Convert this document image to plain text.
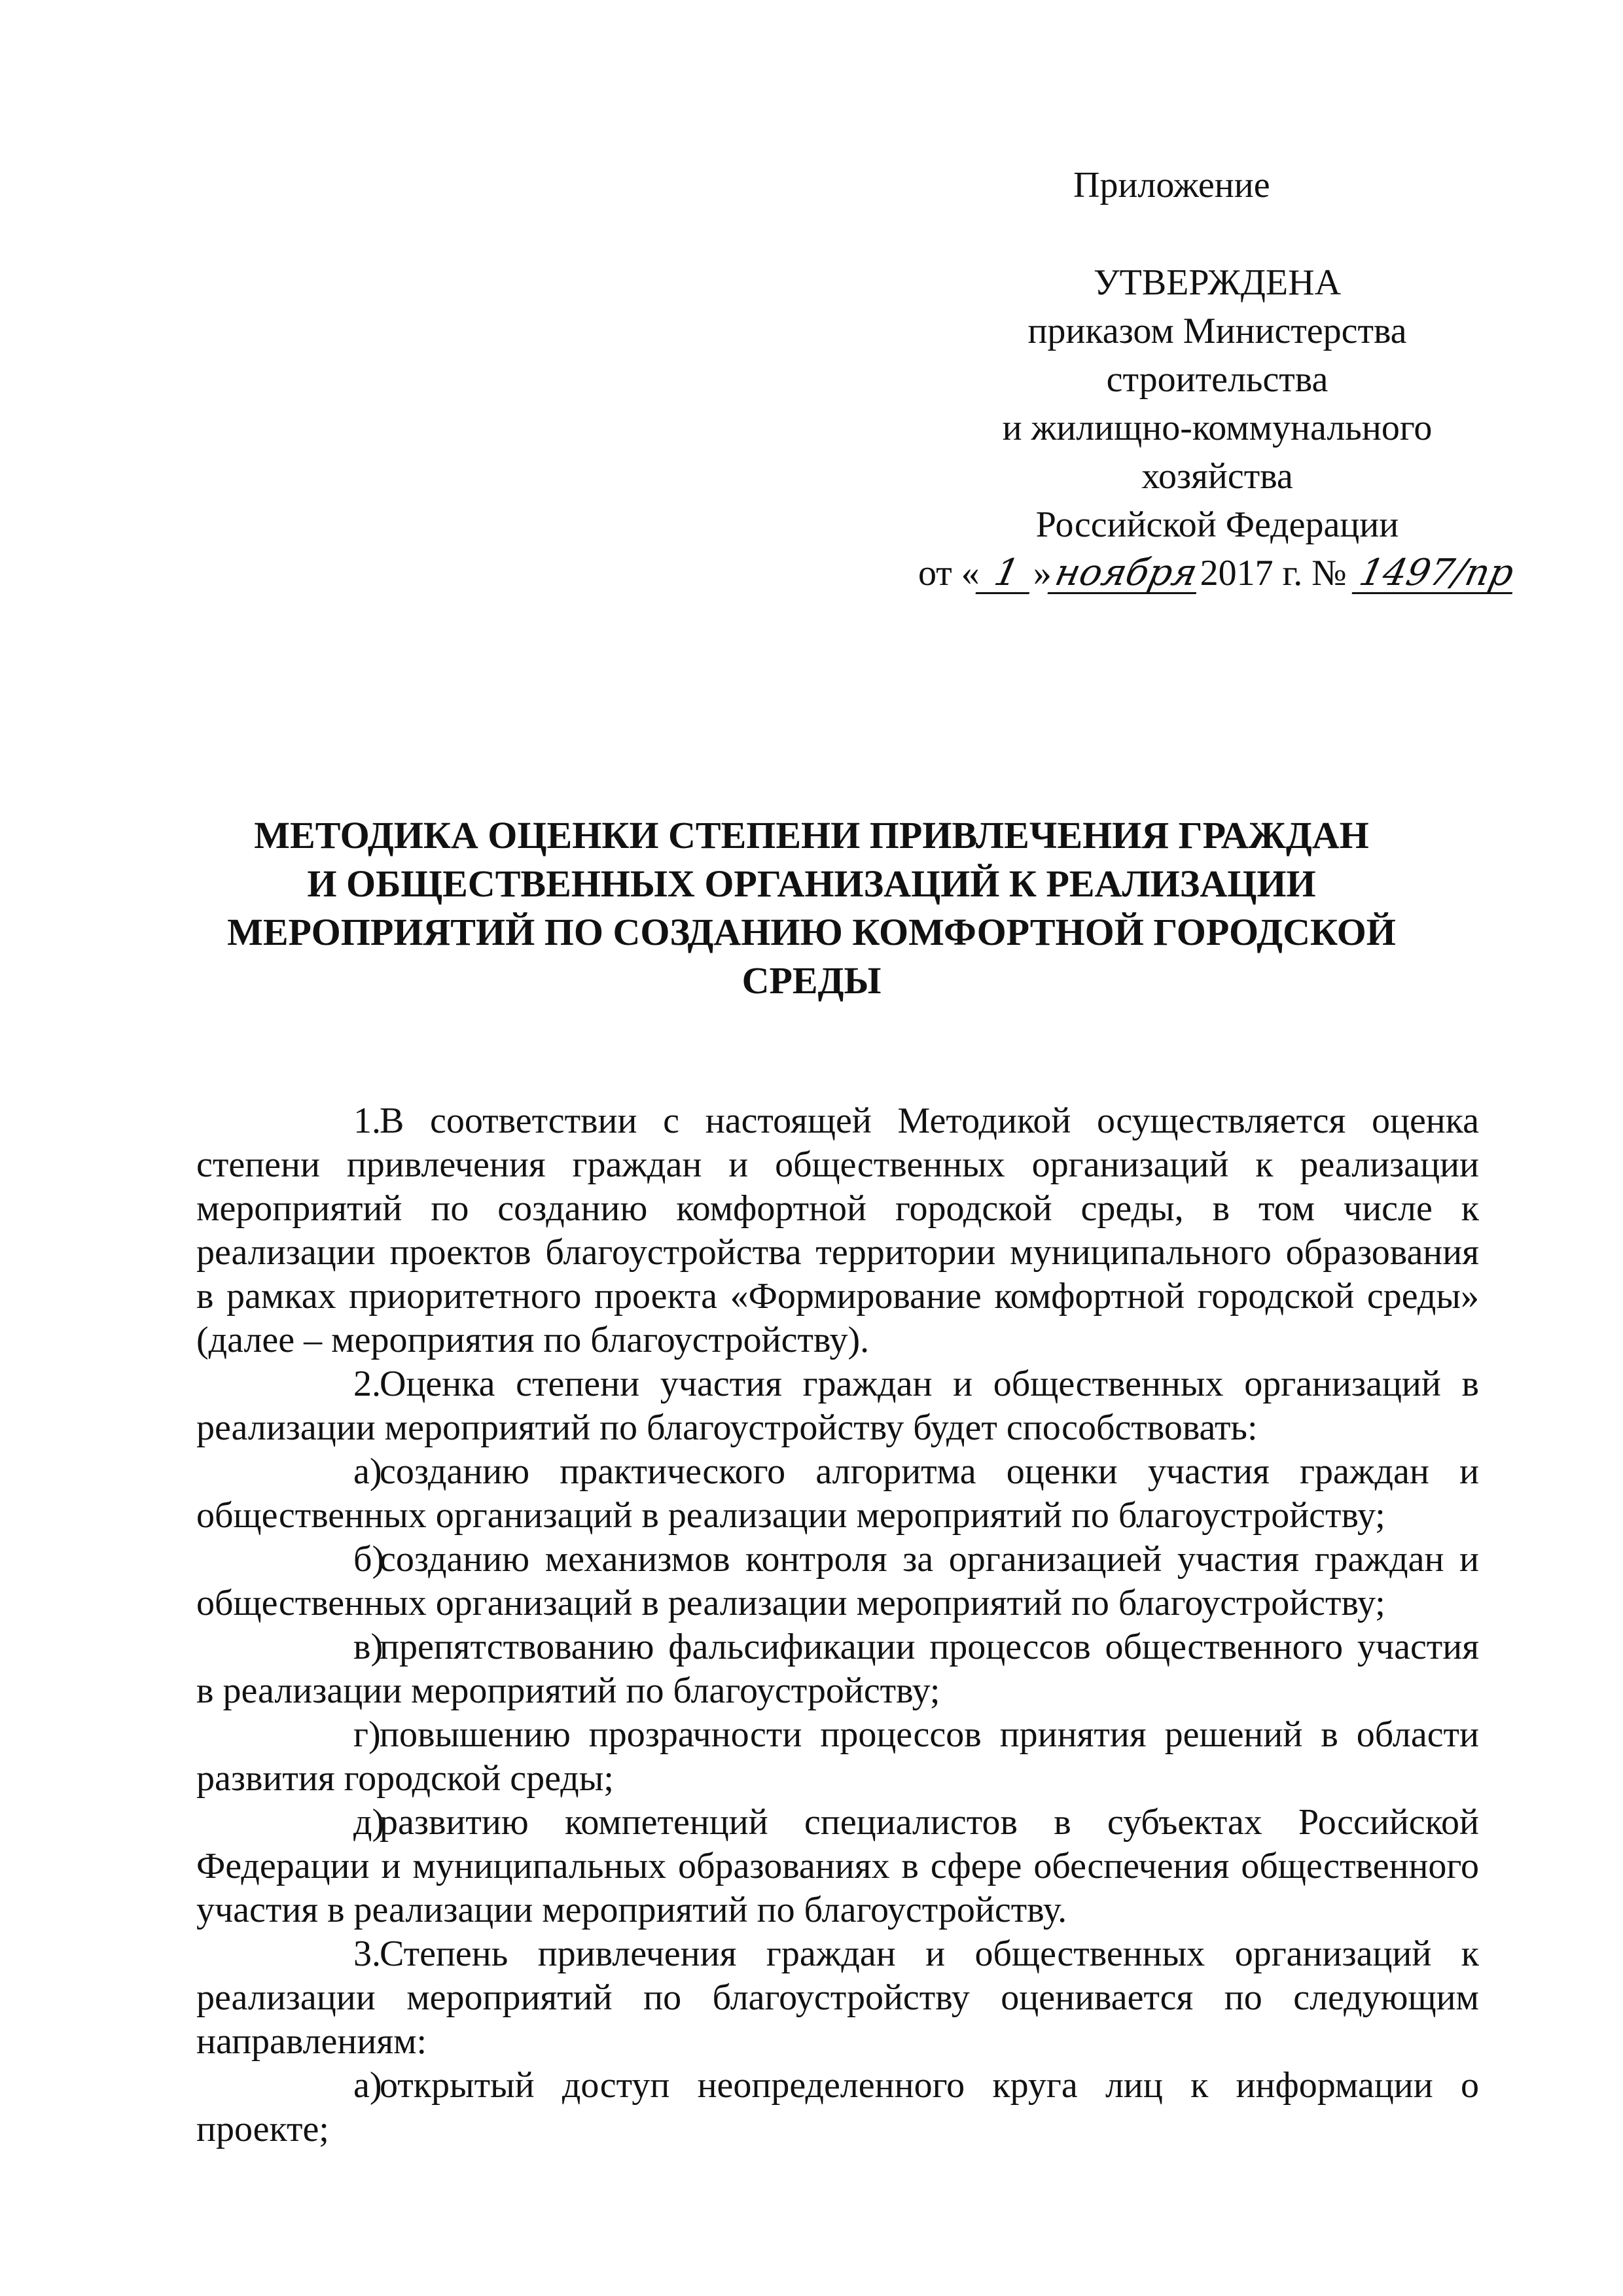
Приложение
УТВЕРЖДЕНА
приказом Министерства
строительства
и жилищно-коммунального
хозяйства
Российской Федерации
от « 1 »ноября2017 г. № 1497/пр
МЕТОДИКА ОЦЕНКИ СТЕПЕНИ ПРИВЛЕЧЕНИЯ ГРАЖДАН
И ОБЩЕСТВЕННЫХ ОРГАНИЗАЦИЙ К РЕАЛИЗАЦИИ
МЕРОПРИЯТИЙ ПО СОЗДАНИЮ КОМФОРТНОЙ ГОРОДСКОЙ
СРЕДЫ

1.В соответствии с настоящей Методикой осуществляется оценка степени привлечения граждан и общественных организаций к реализации мероприятий по созданию комфортной городской среды, в том числе к реализации проектов благоустройства территории муниципального образования в рамках приоритетного проекта «Формирование комфортной городской среды» (далее – мероприятия по благоустройству).

2.Оценка степени участия граждан и общественных организаций в реализации мероприятий по благоустройству будет способствовать:

а)созданию практического алгоритма оценки участия граждан и общественных организаций в реализации мероприятий по благоустройству;

б)созданию механизмов контроля за организацией участия граждан и общественных организаций в реализации мероприятий по благоустройству;

в)препятствованию фальсификации процессов общественного участия в реализации мероприятий по благоустройству;

г)повышению прозрачности процессов принятия решений в области развития городской среды;

д)развитию компетенций специалистов в субъектах Российской Федерации и муниципальных образованиях в сфере обеспечения общественного участия в реализации мероприятий по благоустройству.

3.Степень привлечения граждан и общественных организаций к реализации мероприятий по благоустройству оценивается по следующим направлениям:

а)открытый доступ неопределенного круга лиц к информации о проекте;
